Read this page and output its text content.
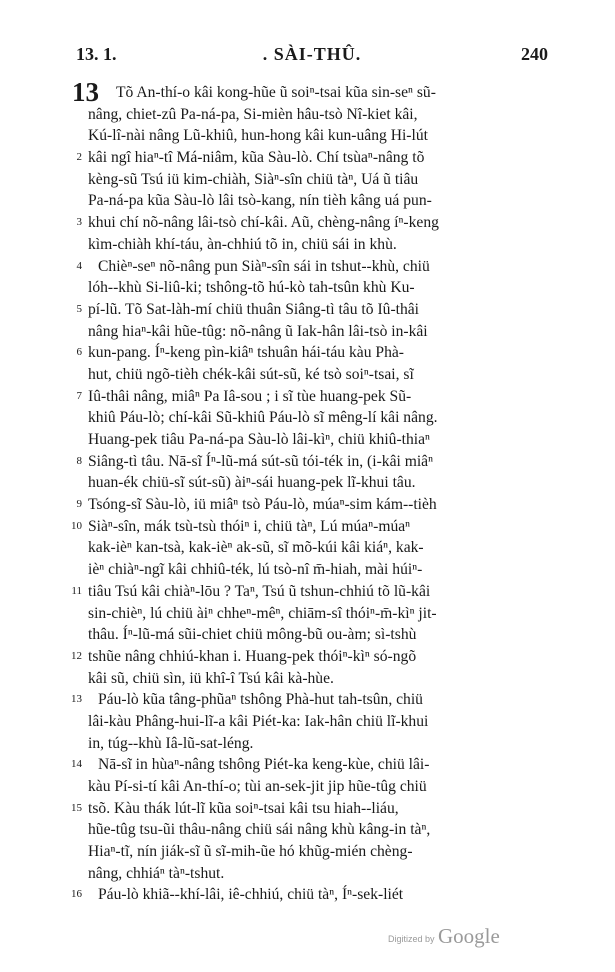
13. 1.	. SÀI-THÛ.	240
13 Tõ An-thí-o kâi kong-hũe ũ soiⁿ-tsai kũa sin-seⁿ sũ-
nâng, chiet-zû Pa-ná-pa, Si-mièn hâu-tsò Nî-kiet kâi,
Kú-lî-nài nâng Lũ-khiû, hun-hong kâi kun-uâng Hi-lút
2 kâi ngî hiaⁿ-tî Má-niâm, kũa Sàu-lò. Chí tsùaⁿ-nâng tõ
kèng-sũ Tsú iü kim-chiàh, Siàⁿ-sîn chiü tàⁿ, Uá ũ tiâu
Pa-ná-pa kũa Sàu-lò lâi tsò-kang, nín tièh kâng uá pun-
3 khui chí nõ-nâng lâi-tsò chí-kâi. Aũ, chèng-nâng íⁿ-keng
kìm-chiàh khí-táu, àn-chhiú tõ in, chiü sái in khù.
4 Chièⁿ-seⁿ nõ-nâng pun Siàⁿ-sîn sái in tshut--khù, chiü
lóh--khù Si-liû-ki; tshông-tõ hú-kò tah-tsûn khù Ku-
5 pí-lũ. Tõ Sat-làh-mí chiü thuân Siâng-tì tâu tõ Iû-thâi
nâng hiaⁿ-kâi hũe-tûg: nõ-nâng ũ Iak-hân lâi-tsò in-kâi
6 kun-pang. Íⁿ-keng pìn-kiâⁿ tshuân hái-táu kàu Phà-
hut, chiü ngõ-tièh chék-kâi sút-sũ, ké tsò soiⁿ-tsai, sĩ
7 Iû-thâi nâng, miâⁿ Pa Iâ-sou ; i sĩ tùe huang-pek Sũ-
khiû Páu-lò; chí-kâi Sũ-khiû Páu-lò sĩ mêng-lí kâi nâng.
Huang-pek tiâu Pa-ná-pa Sàu-lò lâi-kìⁿ, chiü khiû-thiaⁿ
8 Siâng-tì tâu. Nā-sĩ Íⁿ-lũ-má sút-sũ tói-ték in, (i-kâi miâⁿ
huan-ék chiü-sĩ sút-sũ) àiⁿ-sái huang-pek lĩ-khui tâu.
9 Tsóng-sĩ Sàu-lò, iü miâⁿ tsò Páu-lò, múaⁿ-sim kám--tièh
10 Siàⁿ-sîn, mák tsù-tsù thóiⁿ i, chiü tàⁿ, Lú múaⁿ-múaⁿ
kak-ièⁿ kan-tsà, kak-ièⁿ ak-sũ, sĩ mõ-kúi kâi kiáⁿ, kak-
ièⁿ chiàⁿ-ngĩ kâi chhiû-ték, lú tsò-nî m̄-hiah, mài húiⁿ-
11 tiâu Tsú kâi chiàⁿ-lōu ? Taⁿ, Tsú ũ tshun-chhiú tõ lũ-kâi
sin-chièⁿ, lú chiü àiⁿ chheⁿ-mêⁿ, chiām-sî thóiⁿ-m̄-kìⁿ jit-
thâu. Íⁿ-lũ-má sũi-chiet chiü mông-bũ ou-àm; sì-tshù
12 tshũe nâng chhiú-khan i. Huang-pek thóiⁿ-kìⁿ só-ngõ
kâi sũ, chiü sìn, iü khî-î Tsú kâi kà-hùe.
13 Páu-lò kũa tâng-phũaⁿ tshông Phà-hut tah-tsûn, chiü
lâi-kàu Phâng-hui-lĩ-a kâi Piét-ka: Iak-hân chiü lĩ-khui
in, túg--khù Iâ-lũ-sat-léng.
14 Nā-sĩ in hùaⁿ-nâng tshông Piét-ka keng-kùe, chiü lâi-
kàu Pí-si-tí kâi An-thí-o; tùi an-sek-jit jip hũe-tûg chiü
15 tsõ. Kàu thák lút-lĩ kũa soiⁿ-tsai kâi tsu hiah--liáu,
hũe-tûg tsu-ũi thâu-nâng chiü sái nâng khù kâng-in tàⁿ,
Hiaⁿ-tĩ, nín jiák-sĩ ũ sĩ-mih-ũe hó khũg-mién chèng-
nâng, chhiáⁿ tàⁿ-tshut.
16 Páu-lò khiã--khí-lâi, iê-chhiú, chiü tàⁿ, Íⁿ-sek-liét
Digitized by Google
